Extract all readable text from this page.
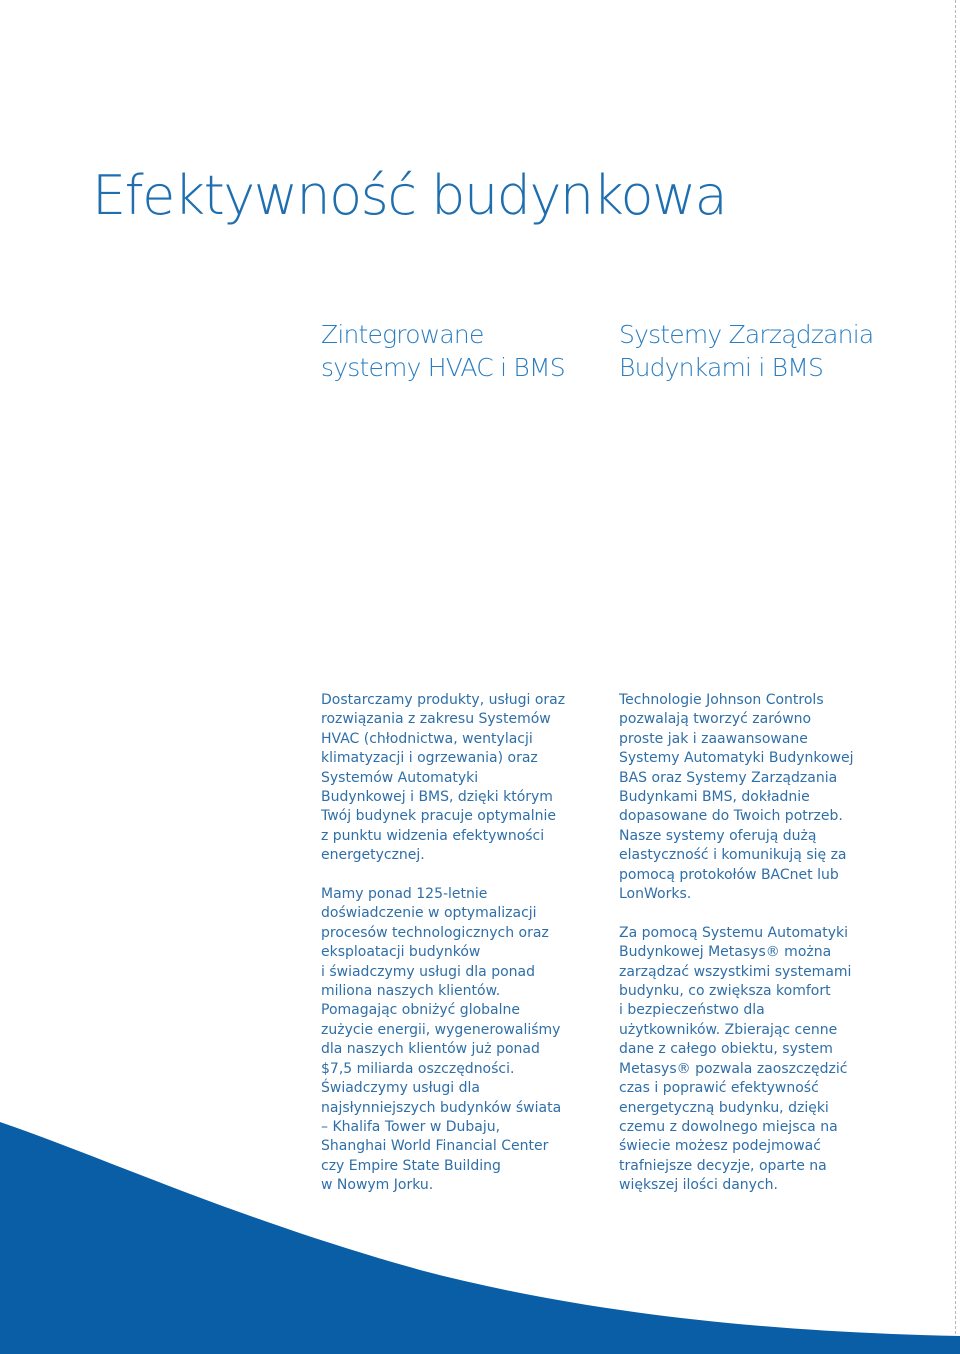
Efektywność budynkowa
Zintegrowane
systemy HVAC i BMS
Systemy Zarządzania
Budynkami i BMS

Dostarczamy produkty, usługi oraz
rozwiązania z zakresu Systemów
HVAC (chłodnictwa, wentylacji
klimatyzacji i ogrzewania) oraz
Systemów Automatyki
Budynkowej i BMS, dzięki którym
Twój budynek pracuje optymalnie
z punktu widzenia efektywności
energetycznej.

Mamy ponad 125-letnie
doświadczenie w optymalizacji
procesów technologicznych oraz
eksploatacji budynków
i świadczymy usługi dla ponad
miliona naszych klientów.
Pomagając obniżyć globalne
zużycie energii, wygenerowaliśmy
dla naszych klientów już ponad
$7,5 miliarda oszczędności.
Świadczymy usługi dla
najsłynniejszych budynków świata
– Khalifa Tower w Dubaju,
Shanghai World Financial Center
czy Empire State Building
w Nowym Jorku.

Technologie Johnson Controls
pozwalają tworzyć zarówno
proste jak i zaawansowane
Systemy Automatyki Budynkowej
BAS oraz Systemy Zarządzania
Budynkami BMS, dokładnie
dopasowane do Twoich potrzeb.
Nasze systemy oferują dużą
elastyczność i komunikują się za
pomocą protokołów BACnet lub
LonWorks.

Za pomocą Systemu Automatyki
Budynkowej Metasys® można
zarządzać wszystkimi systemami
budynku, co zwiększa komfort
i bezpieczeństwo dla
użytkowników. Zbierając cenne
dane z całego obiektu, system
Metasys® pozwala zaoszczędzić
czas i poprawić efektywność
energetyczną budynku, dzięki
czemu z dowolnego miejsca na
świecie możesz podejmować
trafniejsze decyzje, oparte na
większej ilości danych.
